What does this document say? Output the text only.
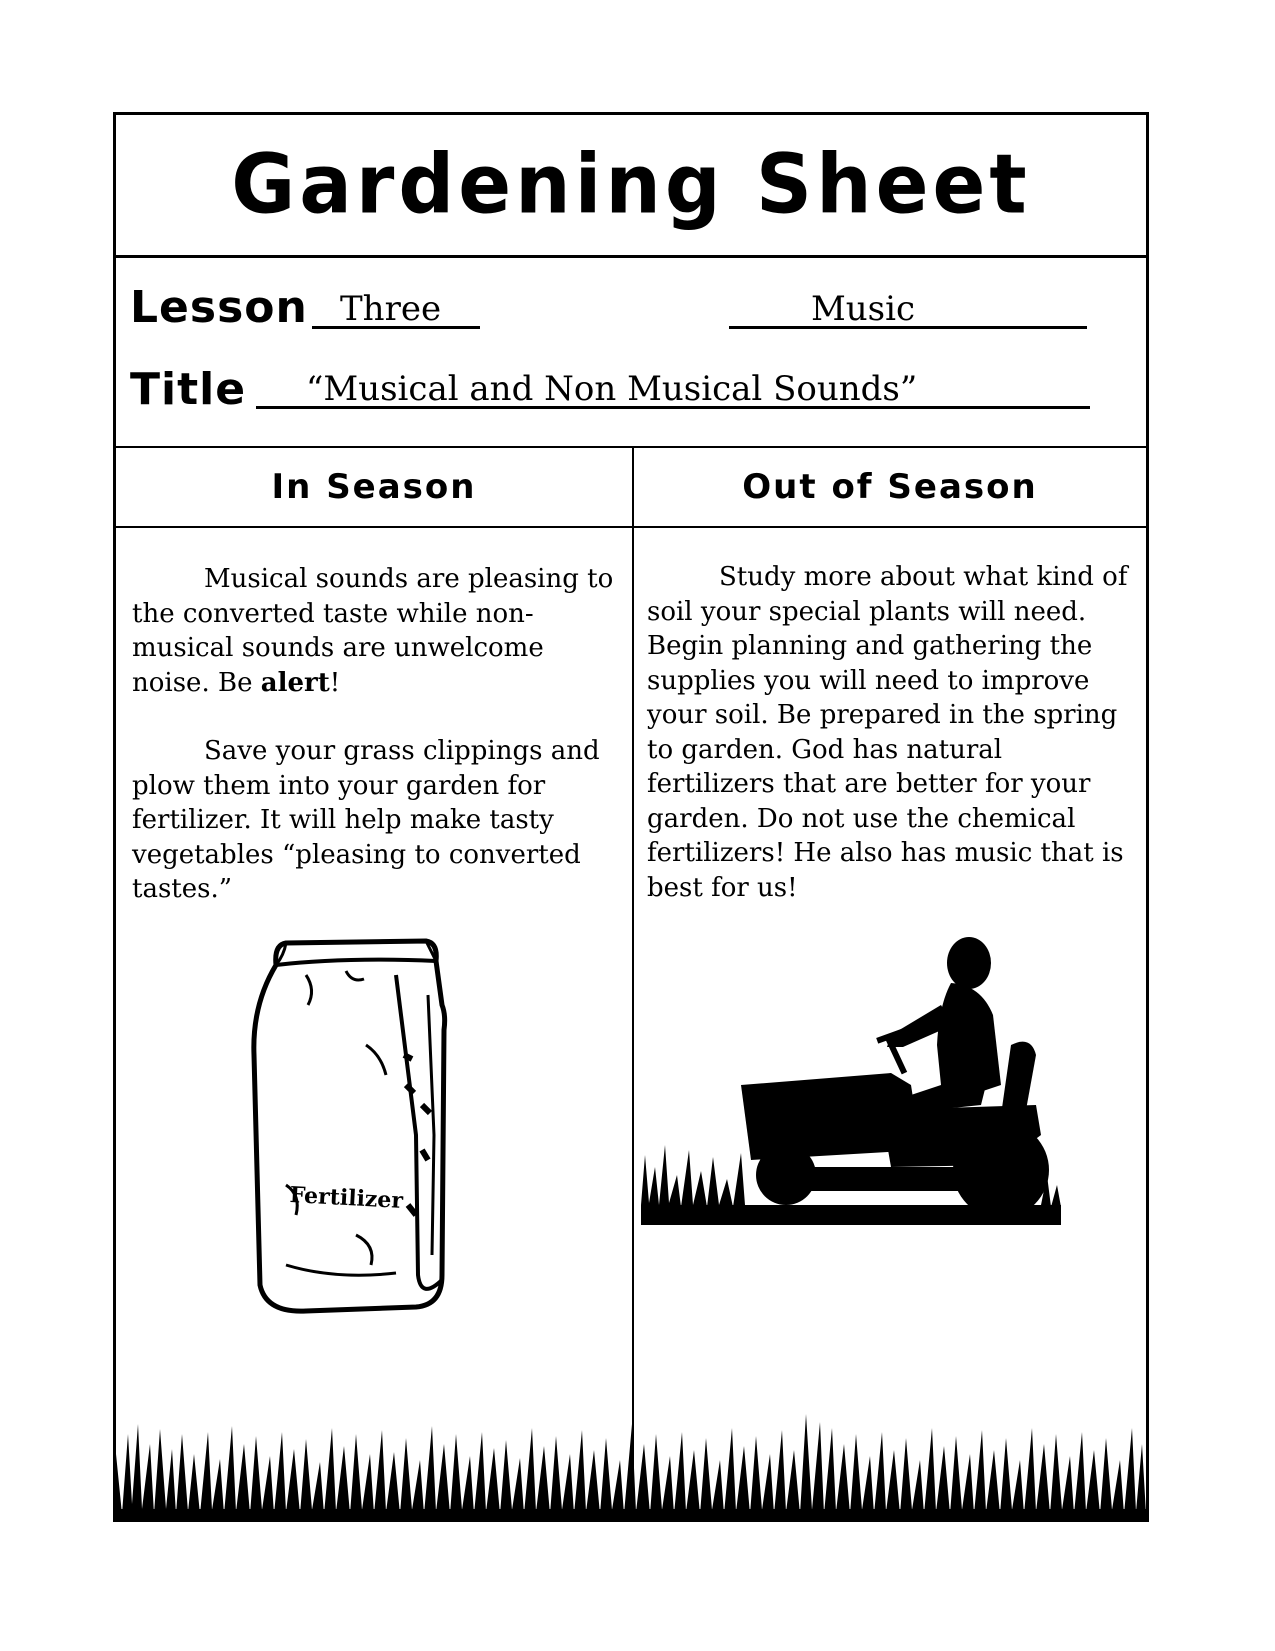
Gardening Sheet
Lesson Three	Music
Title	“Musical and Non Musical Sounds”
In Season	Out of Season

Musical sounds are pleasing to the converted taste while non-musical sounds are unwelcome noise. Be alert!

Save your grass clippings and plow them into your garden for fertilizer. It will help make tasty vegetables “pleasing to converted tastes.”

Study more about what kind of soil your special plants will need. Begin planning and gathering the supplies you will need to improve your soil. Be prepared in the spring to garden. God has natural fertilizers that are better for your garden. Do not use the chemical fertilizers! He also has music that is best for us!

Fertilizer
